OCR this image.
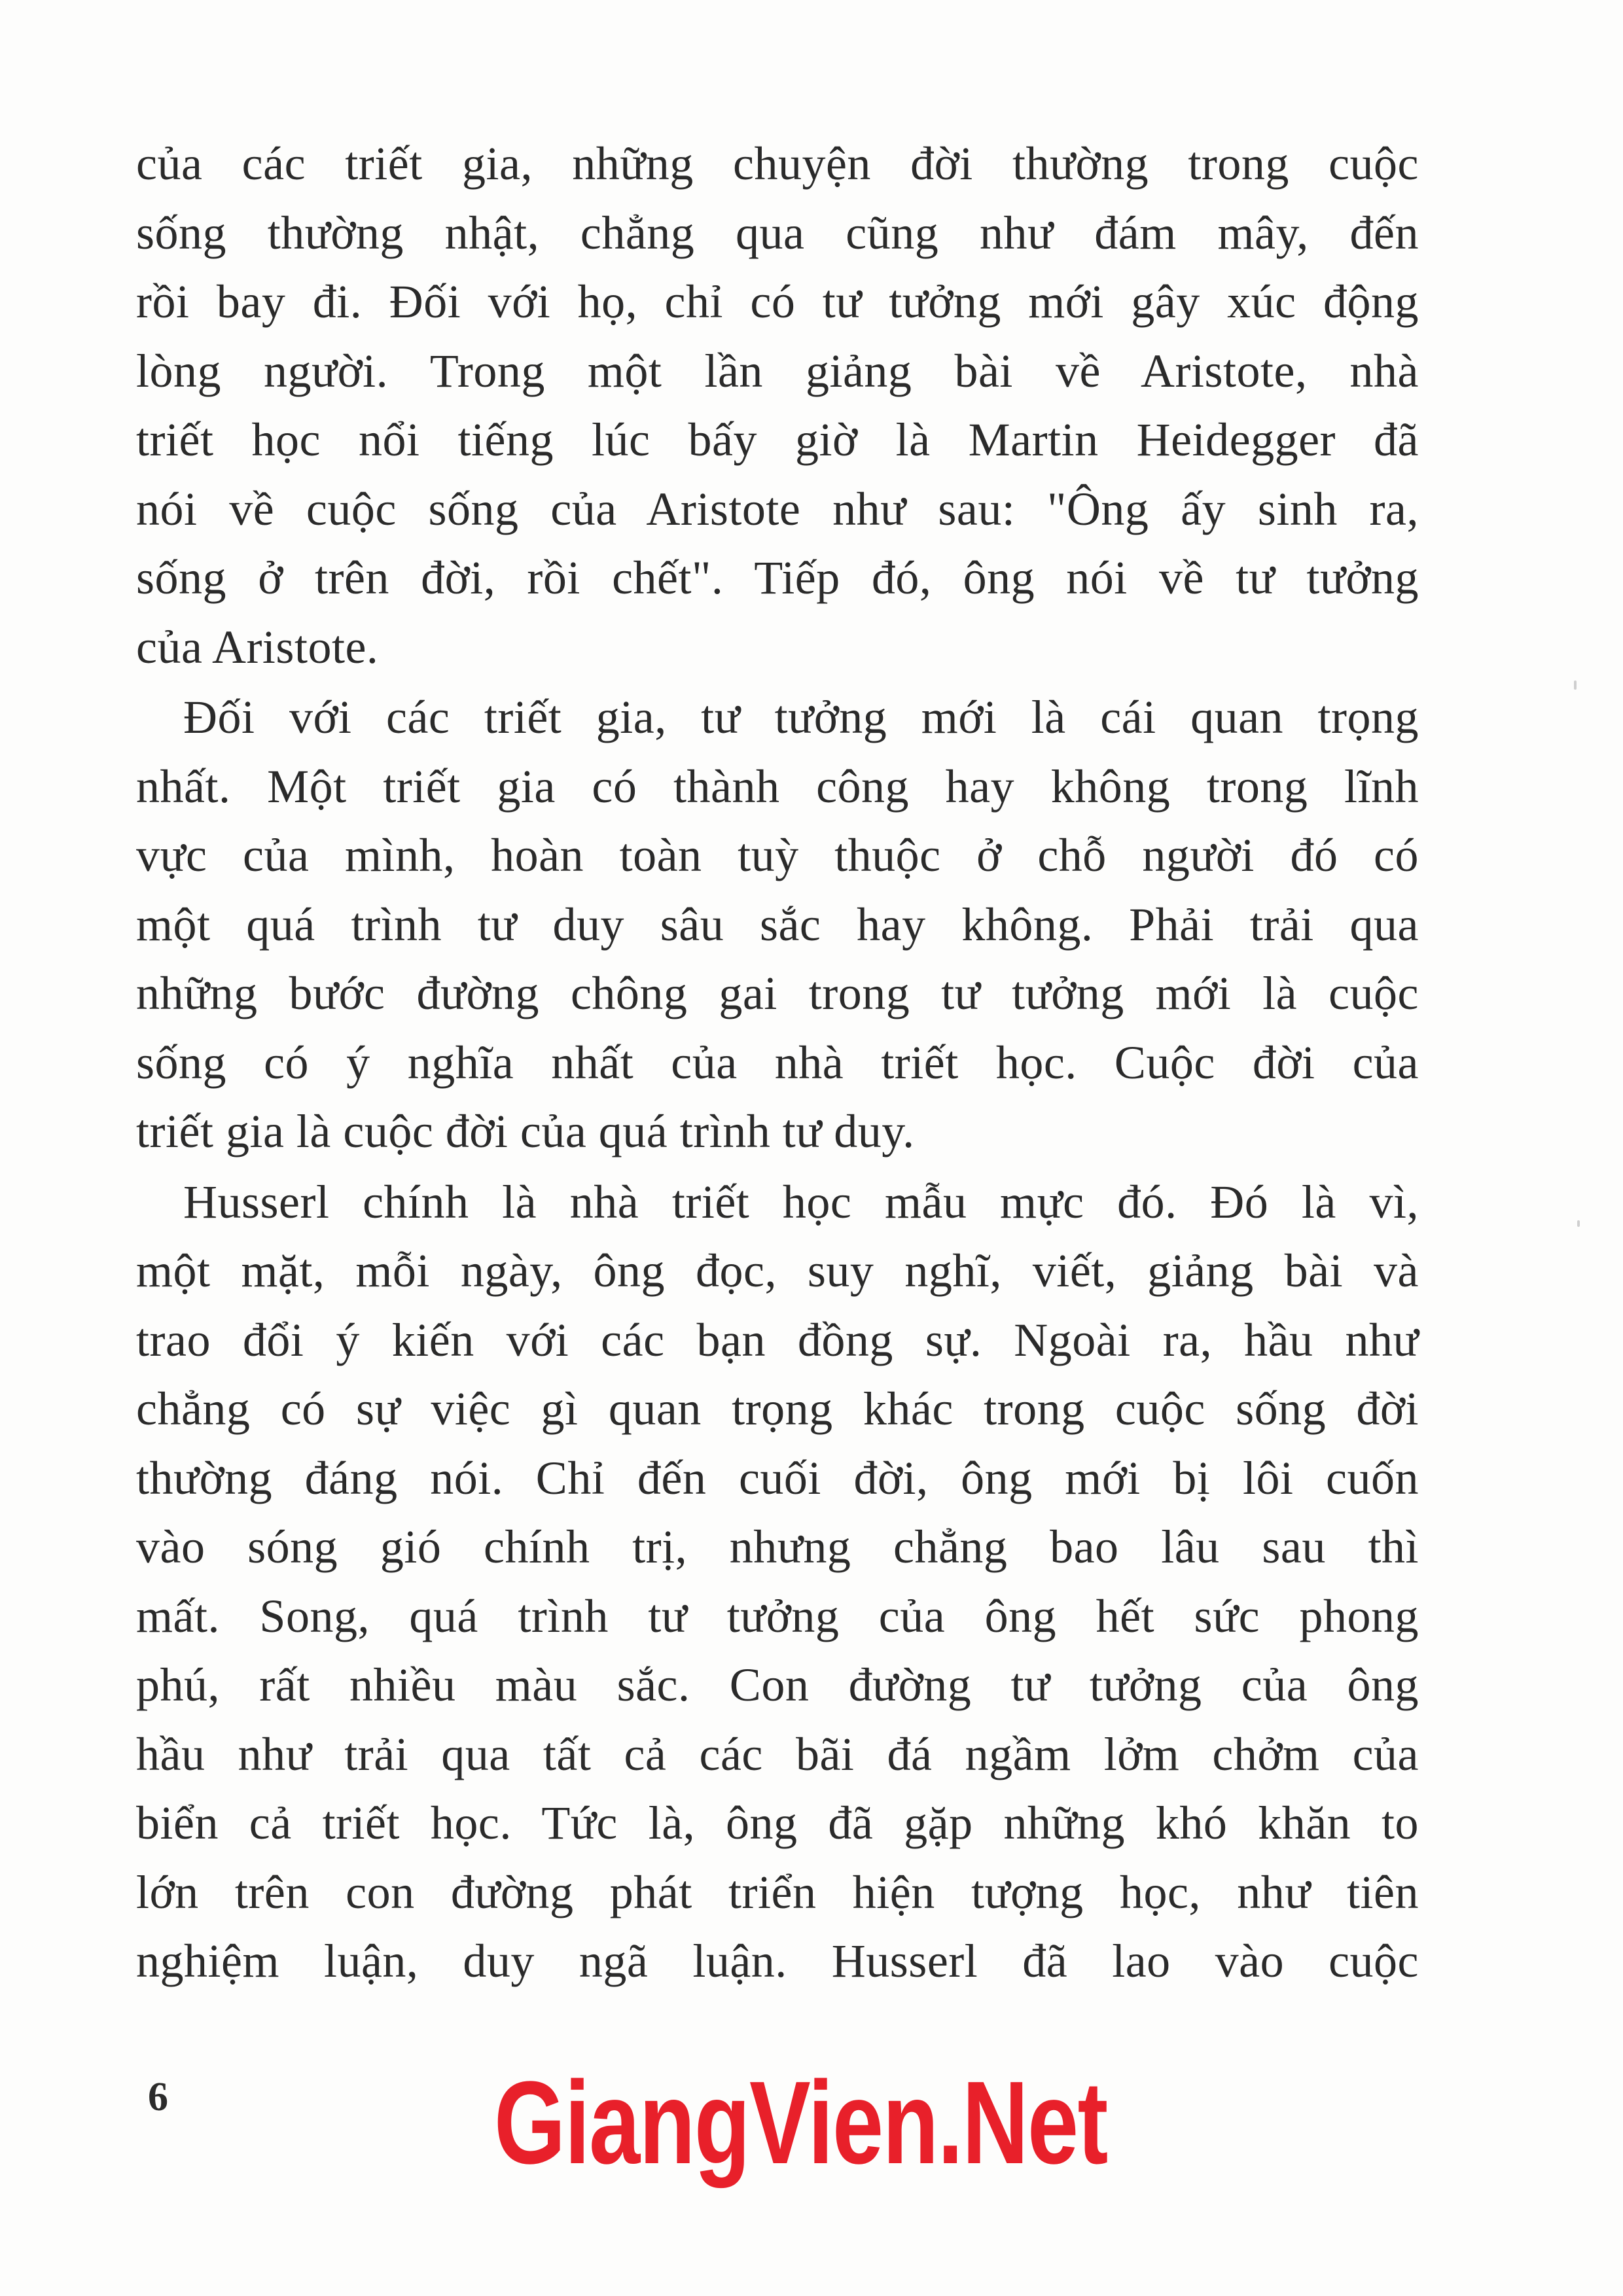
của các triết gia, những chuyện đời thường trong cuộc
sống thường nhật, chẳng qua cũng như đám mây, đến
rồi bay đi. Đối với họ, chỉ có tư tưởng mới gây xúc động
lòng người. Trong một lần giảng bài về Aristote, nhà
triết học nổi tiếng lúc bấy giờ là Martin Heidegger đã
nói về cuộc sống của Aristote như sau: "Ông ấy sinh ra,
sống ở trên đời, rồi chết". Tiếp đó, ông nói về tư tưởng
của Aristote.
Đối với các triết gia, tư tưởng mới là cái quan trọng
nhất. Một triết gia có thành công hay không trong lĩnh
vực của mình, hoàn toàn tuỳ thuộc ở chỗ người đó có
một quá trình tư duy sâu sắc hay không. Phải trải qua
những bước đường chông gai trong tư tưởng mới là cuộc
sống có ý nghĩa nhất của nhà triết học. Cuộc đời của
triết gia là cuộc đời của quá trình tư duy.
Husserl chính là nhà triết học mẫu mực đó. Đó là vì,
một mặt, mỗi ngày, ông đọc, suy nghĩ, viết, giảng bài và
trao đổi ý kiến với các bạn đồng sự. Ngoài ra, hầu như
chẳng có sự việc gì quan trọng khác trong cuộc sống đời
thường đáng nói. Chỉ đến cuối đời, ông mới bị lôi cuốn
vào sóng gió chính trị, nhưng chẳng bao lâu sau thì
mất. Song, quá trình tư tưởng của ông hết sức phong
phú, rất nhiều màu sắc. Con đường tư tưởng của ông
hầu như trải qua tất cả các bãi đá ngầm lởm chởm của
biển cả triết học. Tức là, ông đã gặp những khó khăn to
lớn trên con đường phát triển hiện tượng học, như tiên
nghiệm luận, duy ngã luận. Husserl đã lao vào cuộc
6	GiangVien.Net
